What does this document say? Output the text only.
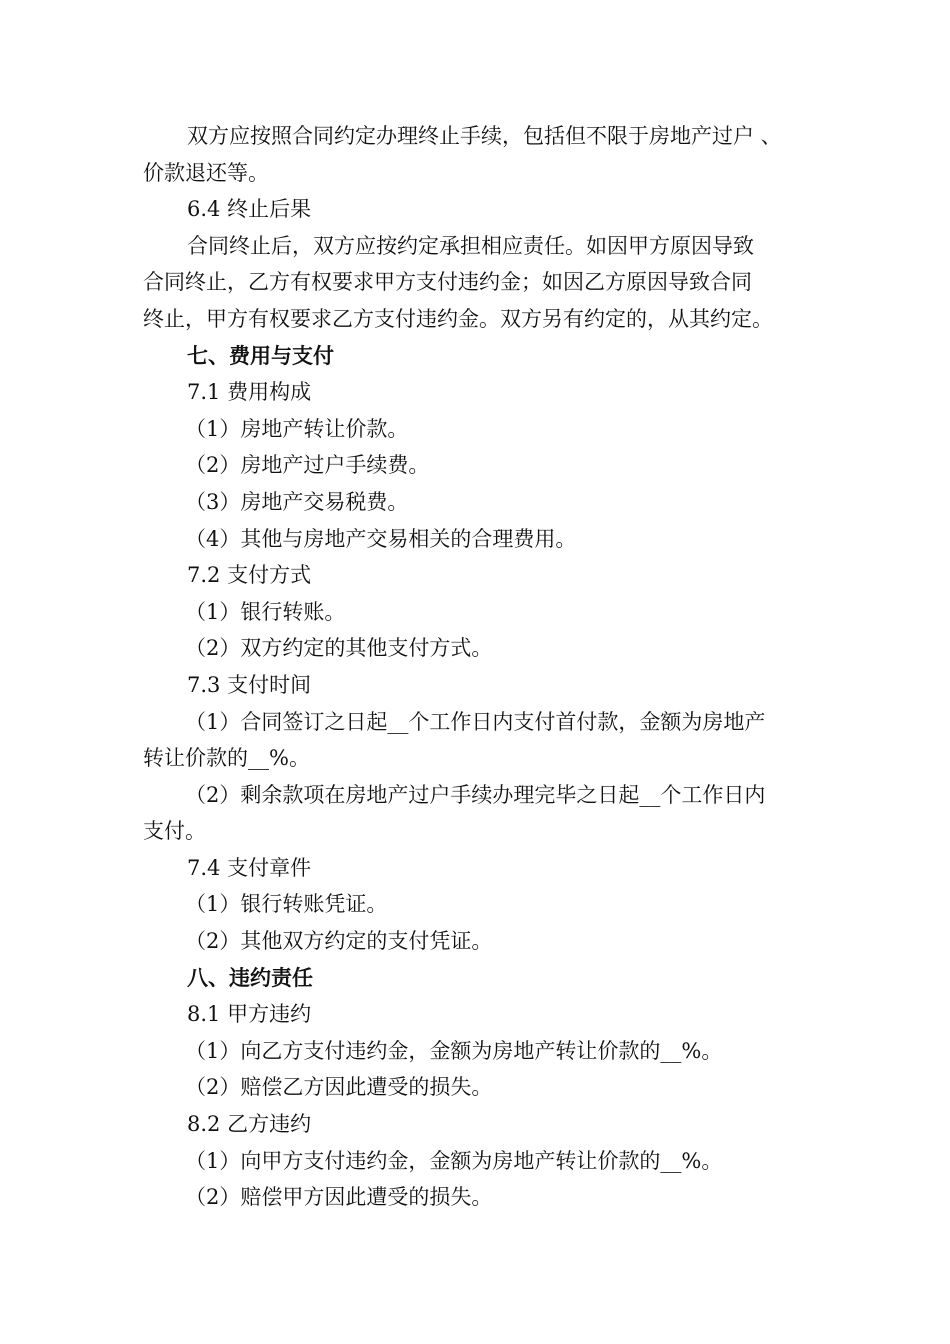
双方应按照合同约定办理终止手续，包括但不限于房地产过户 、

价款退还等。

6.4 终止后果

合同终止后，双方应按约定承担相应责任。如因甲方原因导致

合同终止，乙方有权要求甲方支付违约金；如因乙方原因导致合同

终止，甲方有权要求乙方支付违约金。双方另有约定的，从其约定。

七、费用与支付

7.1 费用构成

（1）房地产转让价款。

（2）房地产过户手续费。

（3）房地产交易税费。

（4）其他与房地产交易相关的合理费用。

7.2 支付方式

（1）银行转账。

（2）双方约定的其他支付方式。

7.3 支付时间

（1）合同签订之日起__个工作日内支付首付款，金额为房地产

转让价款的__%。

（2）剩余款项在房地产过户手续办理完毕之日起__个工作日内

支付。

7.4 支付章件

（1）银行转账凭证。

（2）其他双方约定的支付凭证。

八、违约责任

8.1 甲方违约

（1）向乙方支付违约金，金额为房地产转让价款的__%。

（2）赔偿乙方因此遭受的损失。

8.2 乙方违约

（1）向甲方支付违约金，金额为房地产转让价款的__%。

（2）赔偿甲方因此遭受的损失。
